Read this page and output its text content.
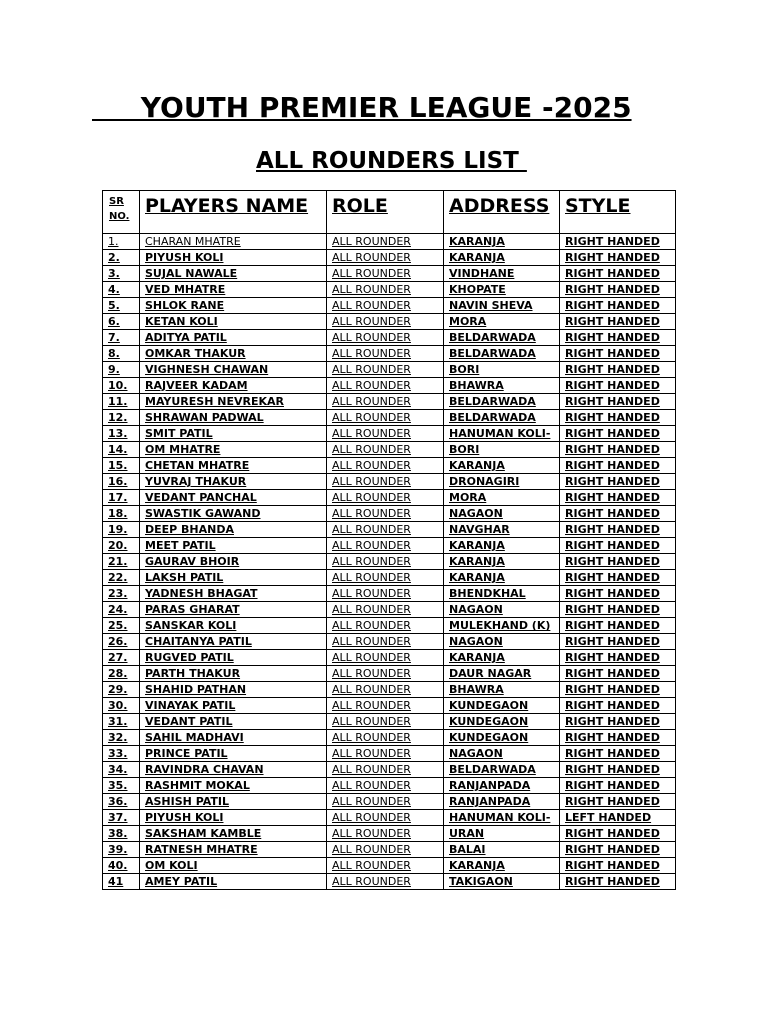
YOUTH PREMIER LEAGUE -2025
ALL ROUNDERS LIST
SR NO.	PLAYERS NAME	ROLE	ADDRESS	STYLE
1.	CHARAN MHATRE	ALL ROUNDER	KARANJA	RIGHT HANDED
2.	PIYUSH KOLI	ALL ROUNDER	KARANJA	RIGHT HANDED
3.	SUJAL NAWALE	ALL ROUNDER	VINDHANE	RIGHT HANDED
4.	VED MHATRE	ALL ROUNDER	KHOPATE	RIGHT HANDED
5.	SHLOK RANE	ALL ROUNDER	NAVIN SHEVA	RIGHT HANDED
6.	KETAN KOLI	ALL ROUNDER	MORA	RIGHT HANDED
7.	ADITYA PATIL	ALL ROUNDER	BELDARWADA	RIGHT HANDED
8.	OMKAR THAKUR	ALL ROUNDER	BELDARWADA	RIGHT HANDED
9.	VIGHNESH CHAWAN	ALL ROUNDER	BORI	RIGHT HANDED
10.	RAJVEER KADAM	ALL ROUNDER	BHAWRA	RIGHT HANDED
11.	MAYURESH NEVREKAR	ALL ROUNDER	BELDARWADA	RIGHT HANDED
12.	SHRAWAN PADWAL	ALL ROUNDER	BELDARWADA	RIGHT HANDED
13.	SMIT PATIL	ALL ROUNDER	HANUMAN KOLI-	RIGHT HANDED
14.	OM MHATRE	ALL ROUNDER	BORI	RIGHT HANDED
15.	CHETAN MHATRE	ALL ROUNDER	KARANJA	RIGHT HANDED
16.	YUVRAJ THAKUR	ALL ROUNDER	DRONAGIRI	RIGHT HANDED
17.	VEDANT PANCHAL	ALL ROUNDER	MORA	RIGHT HANDED
18.	SWASTIK GAWAND	ALL ROUNDER	NAGAON	RIGHT HANDED
19.	DEEP BHANDA	ALL ROUNDER	NAVGHAR	RIGHT HANDED
20.	MEET PATIL	ALL ROUNDER	KARANJA	RIGHT HANDED
21.	GAURAV BHOIR	ALL ROUNDER	KARANJA	RIGHT HANDED
22.	LAKSH PATIL	ALL ROUNDER	KARANJA	RIGHT HANDED
23.	YADNESH BHAGAT	ALL ROUNDER	BHENDKHAL	RIGHT HANDED
24.	PARAS GHARAT	ALL ROUNDER	NAGAON	RIGHT HANDED
25.	SANSKAR KOLI	ALL ROUNDER	MULEKHAND (K)	RIGHT HANDED
26.	CHAITANYA PATIL	ALL ROUNDER	NAGAON	RIGHT HANDED
27.	RUGVED PATIL	ALL ROUNDER	KARANJA	RIGHT HANDED
28.	PARTH THAKUR	ALL ROUNDER	DAUR NAGAR	RIGHT HANDED
29.	SHAHID PATHAN	ALL ROUNDER	BHAWRA	RIGHT HANDED
30.	VINAYAK PATIL	ALL ROUNDER	KUNDEGAON	RIGHT HANDED
31.	VEDANT PATIL	ALL ROUNDER	KUNDEGAON	RIGHT HANDED
32.	SAHIL MADHAVI	ALL ROUNDER	KUNDEGAON	RIGHT HANDED
33.	PRINCE PATIL	ALL ROUNDER	NAGAON	RIGHT HANDED
34.	RAVINDRA CHAVAN	ALL ROUNDER	BELDARWADA	RIGHT HANDED
35.	RASHMIT MOKAL	ALL ROUNDER	RANJANPADA	RIGHT HANDED
36.	ASHISH PATIL	ALL ROUNDER	RANJANPADA	RIGHT HANDED
37.	PIYUSH KOLI	ALL ROUNDER	HANUMAN KOLI-	LEFT HANDED
38.	SAKSHAM KAMBLE	ALL ROUNDER	URAN	RIGHT HANDED
39.	RATNESH MHATRE	ALL ROUNDER	BALAI	RIGHT HANDED
40.	OM KOLI	ALL ROUNDER	KARANJA	RIGHT HANDED
41	AMEY PATIL	ALL ROUNDER	TAKIGAON	RIGHT HANDED
